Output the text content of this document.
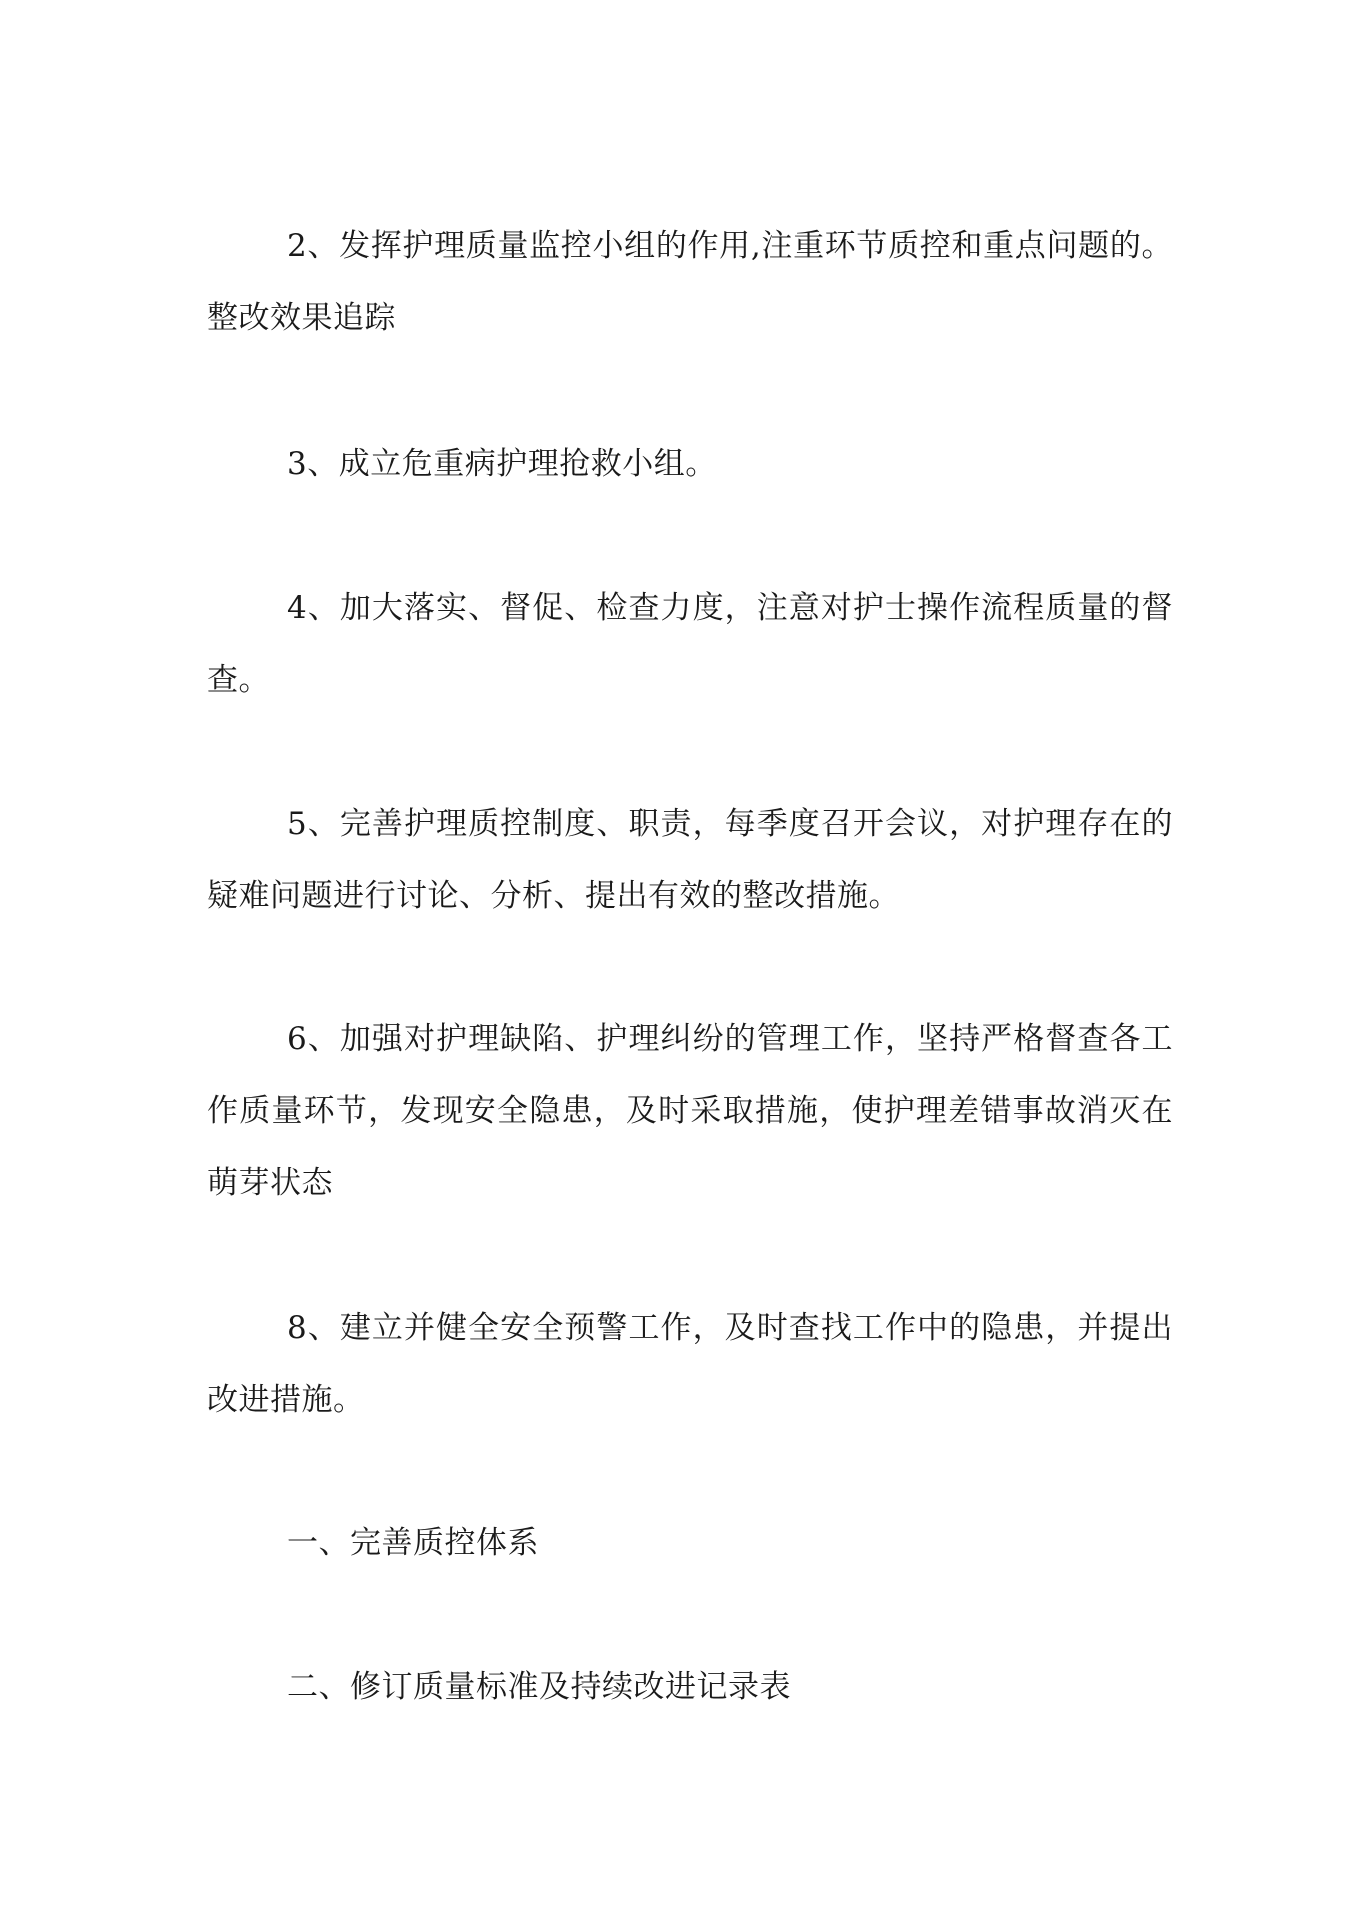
2、发挥护理质量监控小组的作用,注重环节质控和重点问题的。整改效果追踪

3、成立危重病护理抢救小组。

4、加大落实、督促、检查力度，注意对护士操作流程质量的督查。

5、完善护理质控制度、职责，每季度召开会议，对护理存在的疑难问题进行讨论、分析、提出有效的整改措施。

6、加强对护理缺陷、护理纠纷的管理工作，坚持严格督查各工作质量环节，发现安全隐患，及时采取措施，使护理差错事故消灭在萌芽状态

8、建立并健全安全预警工作，及时查找工作中的隐患，并提出改进措施。

一、完善质控体系

二、修订质量标准及持续改进记录表
